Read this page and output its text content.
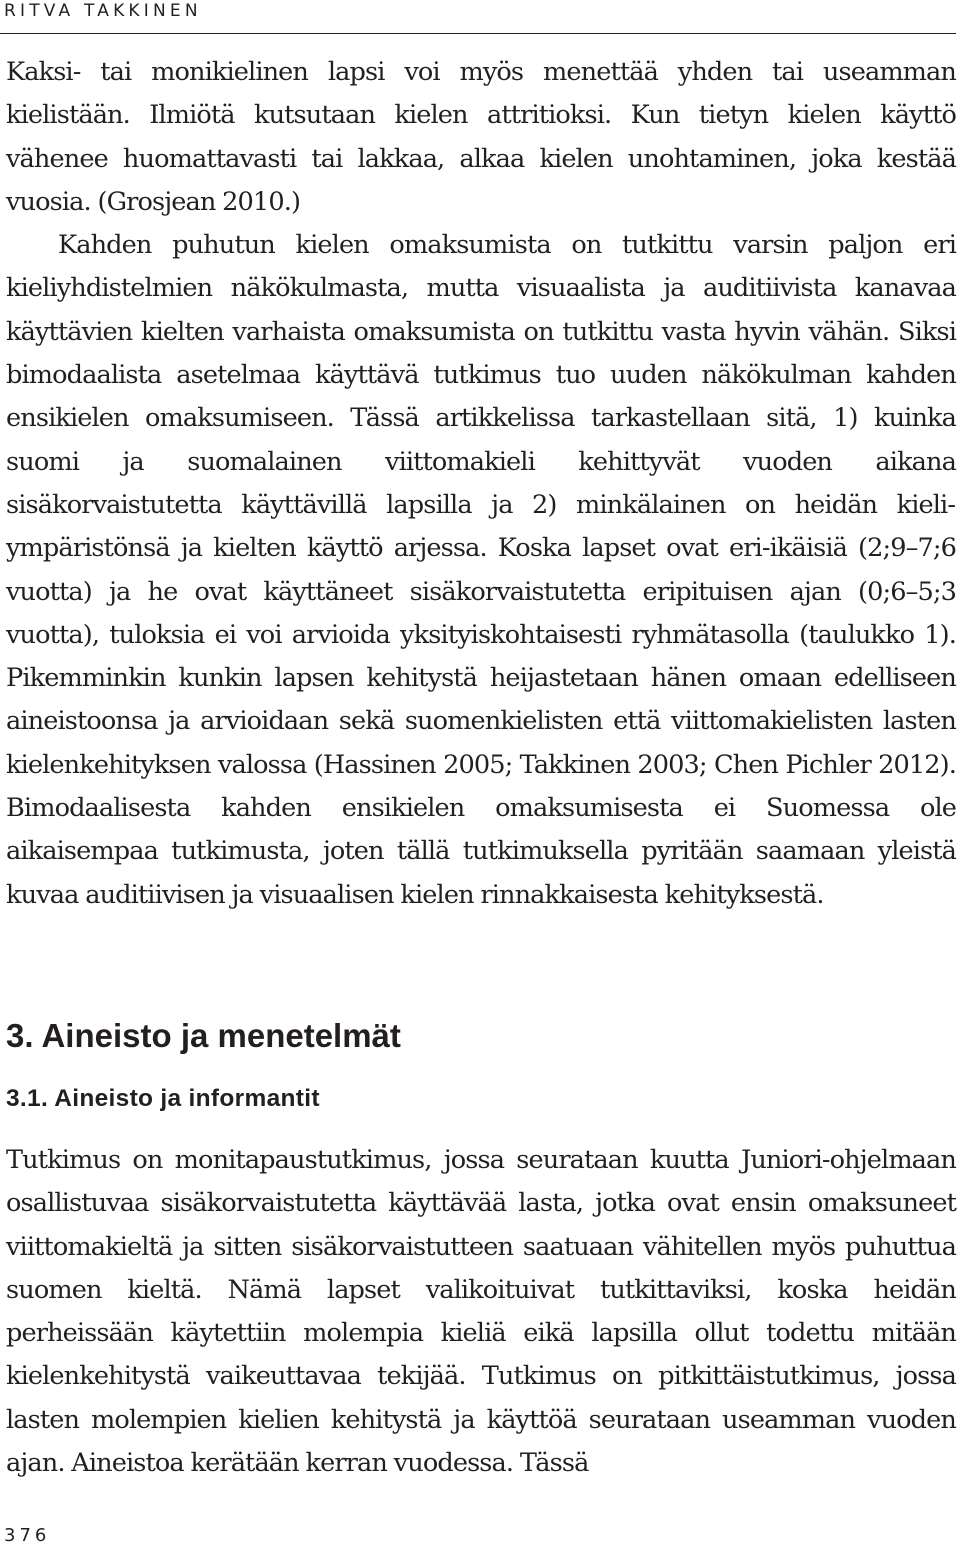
RITVA TAKKINEN

Kaksi- tai monikielinen lapsi voi myös menettää yhden tai useamman kielistään. Ilmiötä kutsutaan kielen attritioksi. Kun tietyn kielen käyttö vähenee huomattavasti tai lakkaa, alkaa kielen unohtaminen, joka kestää vuosia. (Grosjean 2010.)

Kahden puhutun kielen omaksumista on tutkittu varsin paljon eri kieliyhdistelmien näkökulmasta, mutta visuaalista ja auditiivista kanavaa käyttävien kielten varhaista omaksumista on tutkittu vasta hyvin vähän. Siksi bimodaalista asetelmaa käyttävä tutkimus tuo uuden näkökulman kahden ensikielen omaksumiseen. Tässä artikkelissa tarkastellaan sitä, 1) kuinka suomi ja suomalainen viittomakieli kehittyvät vuoden aikana sisäkorvaistutetta käyttävillä lapsilla ja 2) minkälainen on heidän kieliympäristönsä ja kielten käyttö arjessa. Koska lapset ovat eri-ikäisiä (2;9–7;6 vuotta) ja he ovat käyttäneet sisäkorvaistutetta eripituisen ajan (0;6–5;3 vuotta), tuloksia ei voi arvioida yksityiskohtaisesti ryhmätasolla (taulukko 1). Pikemminkin kunkin lapsen kehitystä heijastetaan hänen omaan edelliseen aineistoonsa ja arvioidaan sekä suomenkielisten että viittomakielisten lasten kielenkehityksen valossa (Hassinen 2005; Takkinen 2003; Chen Pichler 2012). Bimodaalisesta kahden ensikielen omaksumisesta ei Suomessa ole aikaisempaa tutkimusta, joten tällä tutkimuksella pyritään saamaan yleistä kuvaa auditiivisen ja visuaalisen kielen rinnakkaisesta kehityksestä.

3. Aineisto ja menetelmät
3.1. Aineisto ja informantit

Tutkimus on monitapaustutkimus, jossa seurataan kuutta Juniori-ohjelmaan osallistuvaa sisäkorvaistutetta käyttävää lasta, jotka ovat ensin omaksuneet viittomakieltä ja sitten sisäkorvaistutteen saatuaan vähitellen myös puhuttua suomen kieltä. Nämä lapset valikoituivat tutkittaviksi, koska heidän perheissään käytettiin molempia kieliä eikä lapsilla ollut todettu mitään kielenkehitystä vaikeuttavaa tekijää. Tutkimus on pitkittäistutkimus, jossa lasten molempien kielien kehitystä ja käyttöä seurataan useamman vuoden ajan. Aineistoa kerätään kerran vuodessa. Tässä

376
